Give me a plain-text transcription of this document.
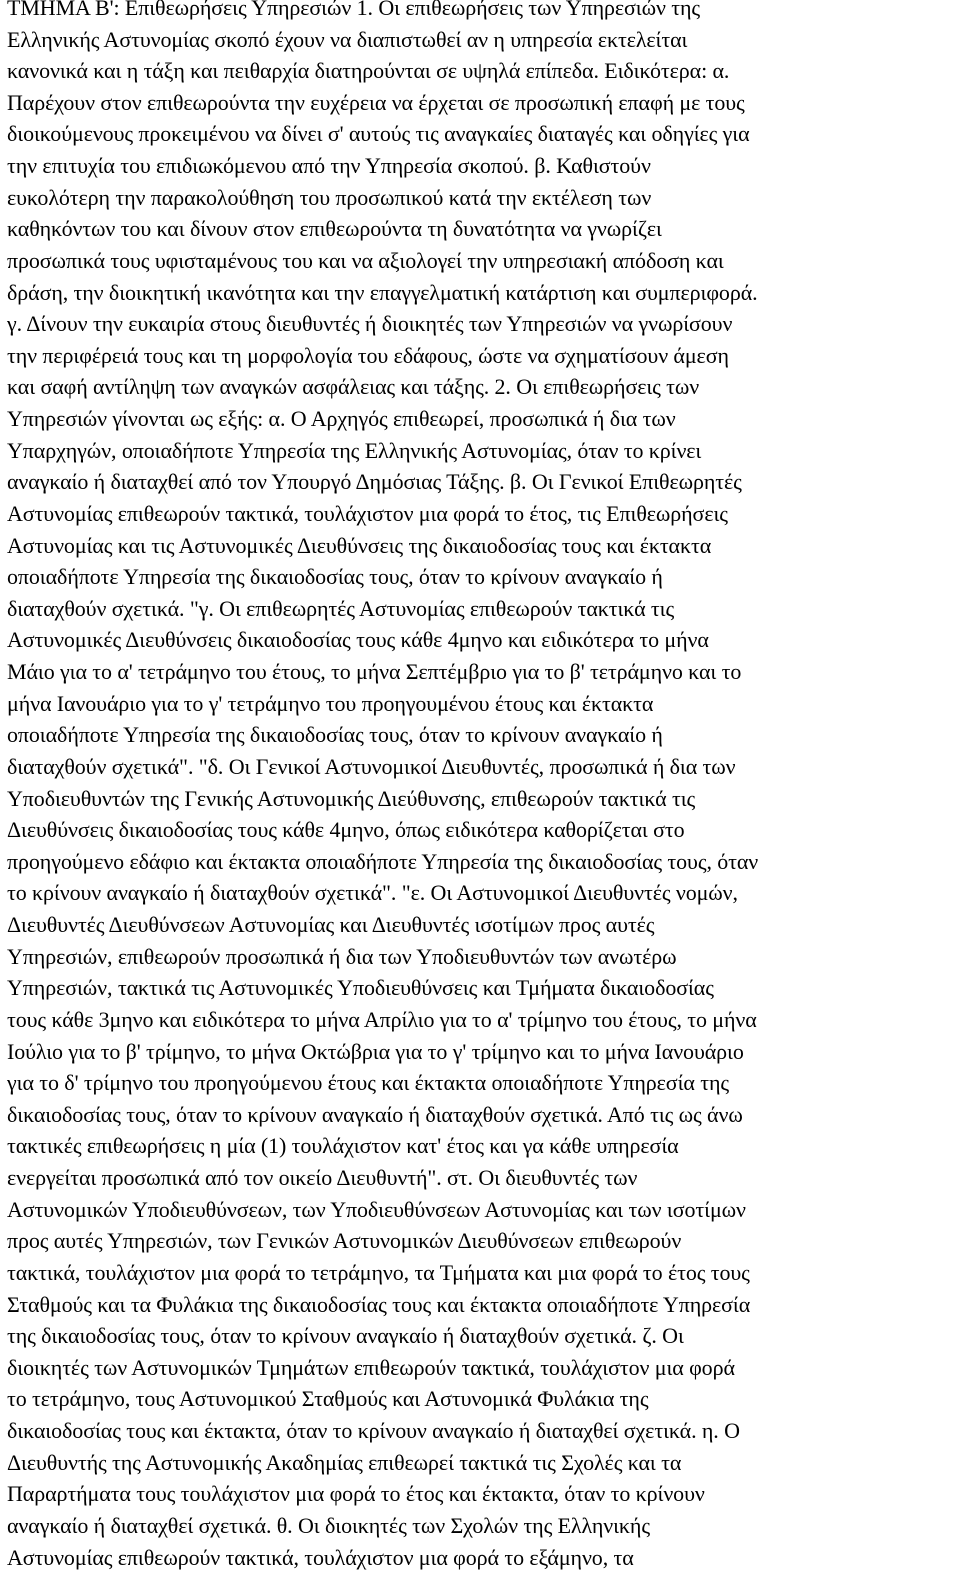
ΤΜΗΜΑ Β': Επιθεωρήσεις Υπηρεσιών 1. Οι επιθεωρήσεις των Υπηρεσιών της

Ελληνικής Αστυνομίας σκοπό έχουν να διαπιστωθεί αν η υπηρεσία εκτελείται

κανονικά και η τάξη και πειθαρχία διατηρούνται σε υψηλά επίπεδα. Ειδικότερα: α.

Παρέχουν στον επιθεωρούντα την ευχέρεια να έρχεται σε προσωπική επαφή με τους

διοικούμενους προκειμένου να δίνει σ' αυτούς τις αναγκαίες διαταγές και οδηγίες για

την επιτυχία του επιδιωκόμενου από την Υπηρεσία σκοπού. β. Καθιστούν

ευκολότερη την παρακολούθηση του προσωπικού κατά την εκτέλεση των

καθηκόντων του και δίνουν στον επιθεωρούντα τη δυνατότητα να γνωρίζει

προσωπικά τους υφισταμένους του και να αξιολογεί την υπηρεσιακή απόδοση και

δράση, την διοικητική ικανότητα και την επαγγελματική κατάρτιση και συμπεριφορά.

γ. Δίνουν την ευκαιρία στους διευθυντές ή διοικητές των Υπηρεσιών να γνωρίσουν

την περιφέρειά τους και τη μορφολογία του εδάφους, ώστε να σχηματίσουν άμεση

και σαφή αντίληψη των αναγκών ασφάλειας και τάξης. 2. Οι επιθεωρήσεις των

Υπηρεσιών γίνονται ως εξής: α. Ο Αρχηγός επιθεωρεί, προσωπικά ή δια των

Υπαρχηγών, οποιαδήποτε Υπηρεσία της Ελληνικής Αστυνομίας, όταν το κρίνει

αναγκαίο ή διαταχθεί από τον Υπουργό Δημόσιας Τάξης. β. Οι Γενικοί Επιθεωρητές

Αστυνομίας επιθεωρούν τακτικά, τουλάχιστον μια φορά το έτος, τις Επιθεωρήσεις

Αστυνομίας και τις Αστυνομικές Διευθύνσεις της δικαιοδοσίας τους και έκτακτα

οποιαδήποτε Υπηρεσία της δικαιοδοσίας τους, όταν το κρίνουν αναγκαίο ή

διαταχθούν σχετικά. "γ. Οι επιθεωρητές Αστυνομίας επιθεωρούν τακτικά τις

Αστυνομικές Διευθύνσεις δικαιοδοσίας τους κάθε 4μηνο και ειδικότερα το μήνα

Μάιο για το α' τετράμηνο του έτους, το μήνα Σεπτέμβριο για το β' τετράμηνο και το

μήνα Ιανουάριο για το γ' τετράμηνο του προηγουμένου έτους και έκτακτα

οποιαδήποτε Υπηρεσία της δικαιοδοσίας τους, όταν το κρίνουν αναγκαίο ή

διαταχθούν σχετικά". "δ. Οι Γενικοί Αστυνομικοί Διευθυντές, προσωπικά ή δια των

Υποδιευθυντών της Γενικής Αστυνομικής Διεύθυνσης, επιθεωρούν τακτικά τις

Διευθύνσεις δικαιοδοσίας τους κάθε 4μηνο, όπως ειδικότερα καθορίζεται στο

προηγούμενο εδάφιο και έκτακτα οποιαδήποτε Υπηρεσία της δικαιοδοσίας τους, όταν

το κρίνουν αναγκαίο ή διαταχθούν σχετικά". "ε. Οι Αστυνομικοί Διευθυντές νομών,

Διευθυντές Διευθύνσεων Αστυνομίας και Διευθυντές ισοτίμων προς αυτές

Υπηρεσιών, επιθεωρούν προσωπικά ή δια των Υποδιευθυντών των ανωτέρω

Υπηρεσιών, τακτικά τις Αστυνομικές Υποδιευθύνσεις και Τμήματα δικαιοδοσίας

τους κάθε 3μηνο και ειδικότερα το μήνα Απρίλιο για το α' τρίμηνο του έτους, το μήνα

Ιούλιο για το β' τρίμηνο, το μήνα Οκτώβρια για το γ' τρίμηνο και το μήνα Ιανουάριο

για το δ' τρίμηνο του προηγούμενου έτους και έκτακτα οποιαδήποτε Υπηρεσία της

δικαιοδοσίας τους, όταν το κρίνουν αναγκαίο ή διαταχθούν σχετικά. Από τις ως άνω

τακτικές επιθεωρήσεις η μία (1) τουλάχιστον κατ' έτος και γα κάθε υπηρεσία

ενεργείται προσωπικά από τον οικείο Διευθυντή". στ. Οι διευθυντές των

Αστυνομικών Υποδιευθύνσεων, των Υποδιευθύνσεων Αστυνομίας και των ισοτίμων

προς αυτές Υπηρεσιών, των Γενικών Αστυνομικών Διευθύνσεων επιθεωρούν

τακτικά, τουλάχιστον μια φορά το τετράμηνο, τα Τμήματα και μια φορά το έτος τους

Σταθμούς και τα Φυλάκια της δικαιοδοσίας τους και έκτακτα οποιαδήποτε Υπηρεσία

της δικαιοδοσίας τους, όταν το κρίνουν αναγκαίο ή διαταχθούν σχετικά. ζ. Οι

διοικητές των Αστυνομικών Τμημάτων επιθεωρούν τακτικά, τουλάχιστον μια φορά

το τετράμηνο, τους Αστυνομικού Σταθμούς και Αστυνομικά Φυλάκια της

δικαιοδοσίας τους και έκτακτα, όταν το κρίνουν αναγκαίο ή διαταχθεί σχετικά. η. Ο

Διευθυντής της Αστυνομικής Ακαδημίας επιθεωρεί τακτικά τις Σχολές και τα

Παραρτήματα τους τουλάχιστον μια φορά το έτος και έκτακτα, όταν το κρίνουν

αναγκαίο ή διαταχθεί σχετικά. θ. Οι διοικητές των Σχολών της Ελληνικής

Αστυνομίας επιθεωρούν τακτικά, τουλάχιστον μια φορά το εξάμηνο, τα
